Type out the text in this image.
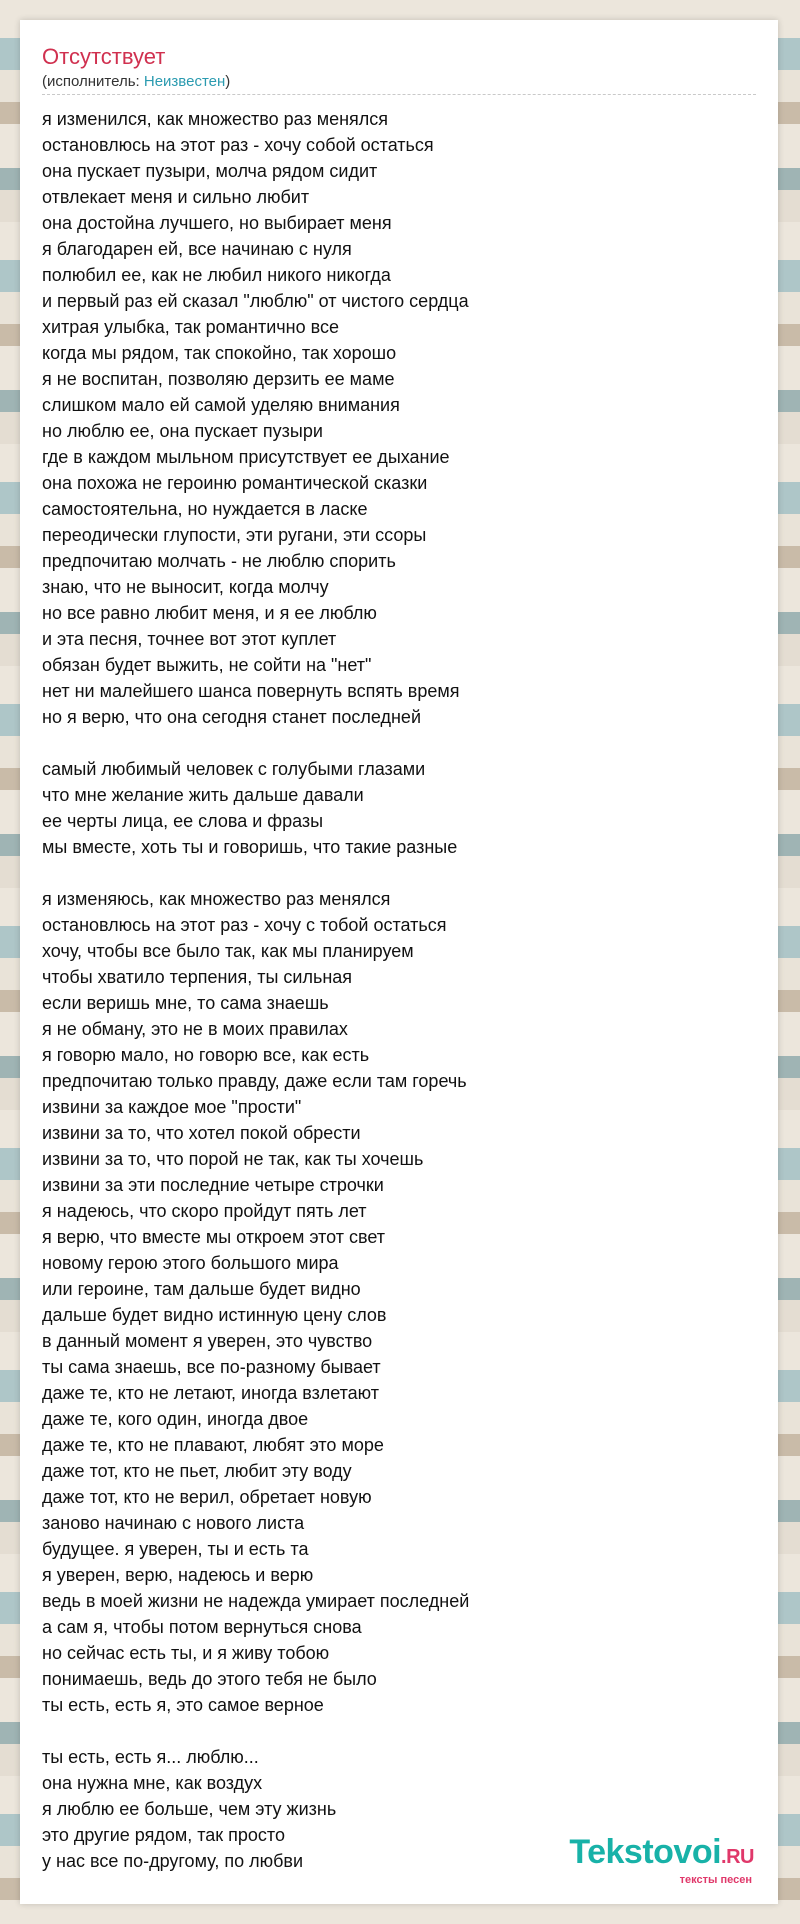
Отсутствует
(исполнитель: Неизвестен)
я изменился, как множество раз менялся
остановлюсь на этот раз - хочу собой остаться
она пускает пузыри, молча рядом сидит
отвлекает меня и сильно любит
она достойна лучшего, но выбирает меня
я благодарен ей, все начинаю с нуля
полюбил ее, как не любил никого никогда
и первый раз ей сказал "люблю" от чистого сердца
хитрая улыбка, так романтично все
когда мы рядом, так спокойно, так хорошо
я не воспитан, позволяю дерзить ее маме
слишком мало ей самой уделяю внимания
но люблю ее, она пускает пузыри
где в каждом мыльном присутствует ее дыхание
она похожа не героиню романтической сказки
самостоятельна, но нуждается в ласке
переодически глупости, эти ругани, эти ссоры
предпочитаю молчать - не люблю спорить
знаю, что не выносит, когда молчу
но все равно любит меня, и я ее люблю
и эта песня, точнее вот этот куплет
обязан будет выжить, не сойти на "нет"
нет ни малейшего шанса повернуть вспять время
но я верю, что она сегодня станет последней
самый любимый человек с голубыми глазами
что мне желание жить дальше давали
ее черты лица, ее слова и фразы
мы вместе, хоть ты и говоришь, что такие разные
я изменяюсь, как множество раз менялся
остановлюсь на этот раз - хочу с тобой остаться
хочу, чтобы все было так, как мы планируем
чтобы хватило терпения, ты сильная
если веришь мне, то сама знаешь
я не обману, это не в моих правилах
я говорю мало, но говорю все, как есть
предпочитаю только правду, даже если там горечь
извини за каждое мое "прости"
извини за то, что хотел покой обрести
извини за то, что порой не так, как ты хочешь
извини за эти последние четыре строчки
я надеюсь, что скоро пройдут пять лет
я верю, что вместе мы откроем этот свет
новому герою этого большого мира
или героине, там дальше будет видно
дальше будет видно истинную цену слов
в данный момент я уверен, это чувство
ты сама знаешь, все по-разному бывает
даже те, кто не летают, иногда взлетают
даже те, кого один, иногда двое
даже те, кто не плавают, любят это море
даже тот, кто не пьет, любит эту воду
даже тот, кто не верил, обретает новую
заново начинаю с нового листа
будущее. я уверен, ты и есть та
я уверен, верю, надеюсь и верю
ведь в моей жизни не надежда умирает последней
а сам я, чтобы потом вернуться снова
но сейчас есть ты, и я живу тобою
понимаешь, ведь до этого тебя не было
ты есть, есть я, это самое верное
ты есть, есть я... люблю...
она нужна мне, как воздух
я люблю ее больше, чем эту жизнь
это другие рядом, так просто
у нас все по-другому, по любви	Tekstovoi.RU
тексты песен
